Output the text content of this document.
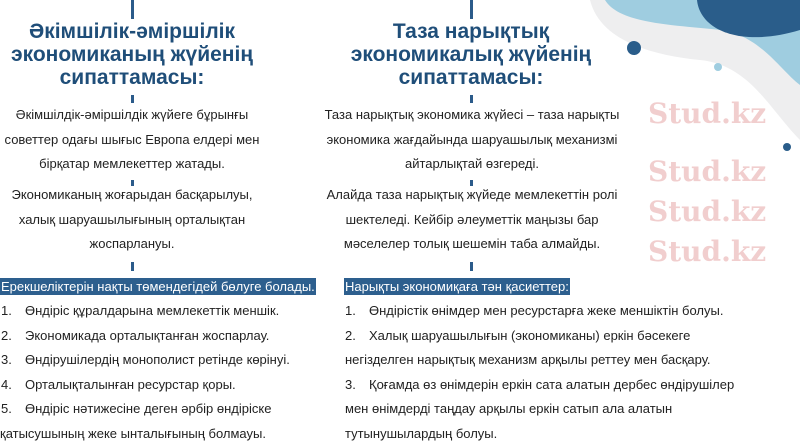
Stud.kz
Stud.kz
Stud.kz
Stud.kz
Әкімшілік-әміршілік
экономиканың жүйенің
сипаттамасы:
Әкімшілдік-әміршілдік жүйеге бұрынғы
советтер одағы шығыс Европа елдері мен
бірқатар мемлекеттер жатады.
Экономиканың жоғарыдан басқарылуы,
халық шаруашылығының орталықтан
жоспарлануы.
Ерекшеліктерін нақты төмендегідей бөлуге болады.
1. Өндіріс құралдарына мемлекеттік меншік.
2. Экономикада орталықтанған жоспарлау.
3. Өндірушілердің монополист ретінде көрінуі.
4. Орталықталынған ресурстар қоры.
5. Өндіріс нәтижесіне деген әрбір өндіріске
қатысушының жеке ынталығының болмауы.
Таза нарықтық
экономикалық жүйенің
сипаттамасы:
Таза нарықтық экономика жүйесі – таза нарықты
экономика жағдайында шаруашылық механизмі
айтарлықтай өзгереді.
Алайда таза нарықтық жүйеде мемлекеттін ролі
шектеледі. Кейбір әлеуметтік маңызы бар
мәселелер толық шешемін таба алмайды.
Нарықты экономиқаға тән қасиеттер:
1. Өндірістік өнімдер мен ресурстарға жеке меншіктін болуы.
2. Халық шаруашылығын (экономиканы) еркін бәсекеге
негізделген нарықтық механизм арқылы реттеу мен басқару.
3. Қоғамда өз өнімдерін еркін сата алатын дербес өндірушілер
мен өнімдерді таңдау арқылы еркін сатып ала алатын
тутынушылардың болуы.
